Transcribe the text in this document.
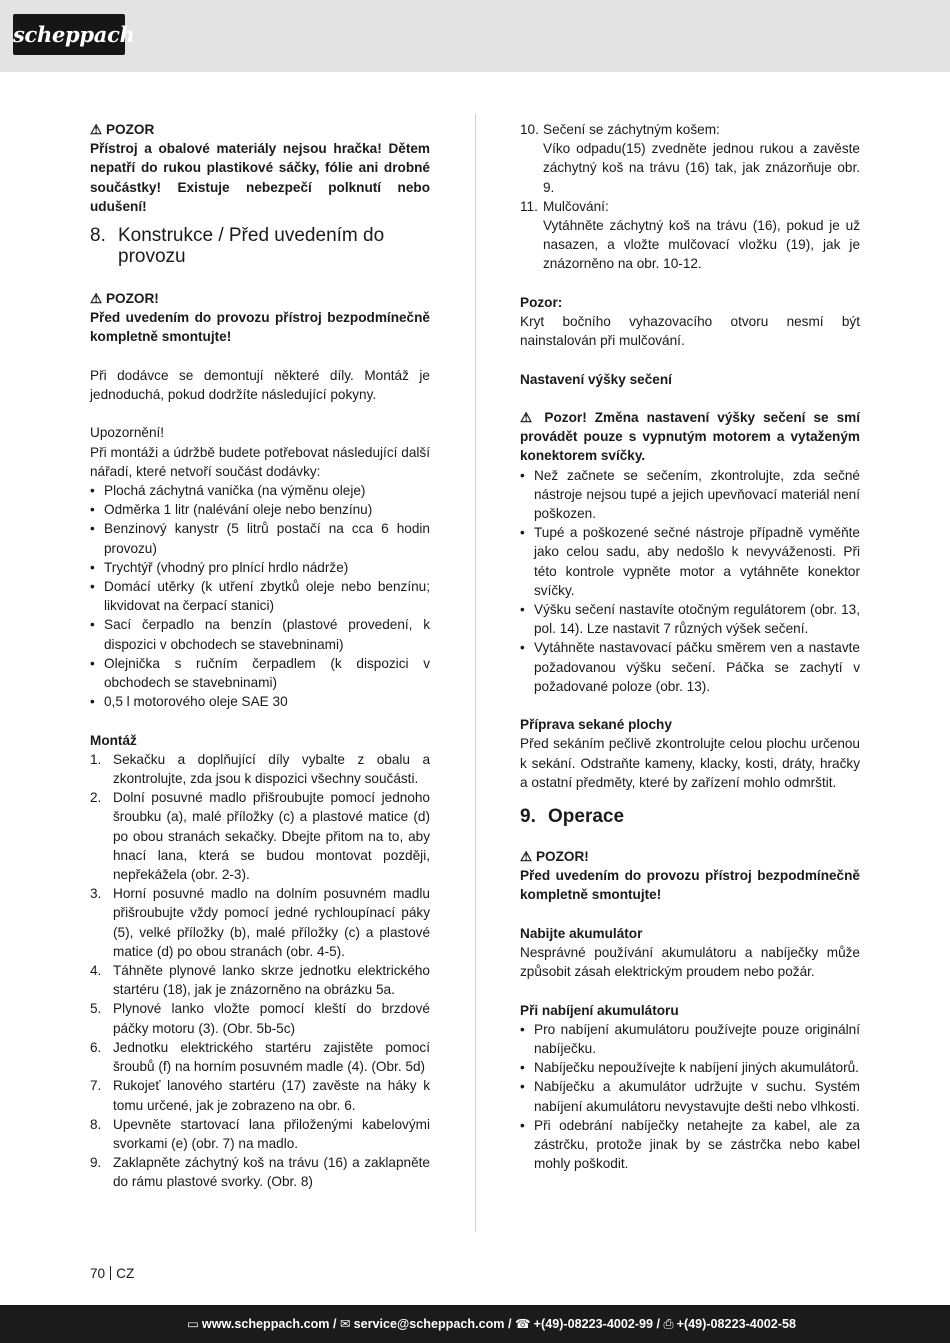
scheppach

⚠ POZOR

Přístroj a obalové materiály nejsou hračka! Dětem nepatří do rukou plastikové sáčky, fólie ani drobné součástky! Existuje nebezpečí polknutí nebo udušení!

8. Konstrukce / Před uvedením do provozu

⚠ POZOR!

Před uvedením do provozu přístroj bezpodmínečně kompletně smontujte!

Při dodávce se demontují některé díly. Montáž je jednoduchá, pokud dodržíte následující pokyny.

Upozornění!

Při montáži a údržbě budete potřebovat následující další nářadí, které netvoří součást dodávky:

• Plochá záchytná vanička (na výměnu oleje)
• Odměrka 1 litr (nalévání oleje nebo benzínu)
• Benzinový kanystr (5 litrů postačí na cca 6 hodin provozu)
• Trychtýř (vhodný pro plnící hrdlo nádrže)
• Domácí utěrky (k utření zbytků oleje nebo benzínu; likvidovat na čerpací stanici)
• Sací čerpadlo na benzín (plastové provedení, k dispozici v obchodech se stavebninami)
• Olejnička s ručním čerpadlem (k dispozici v obchodech se stavebninami)
• 0,5 l motorového oleje SAE 30

Montáž

1. Sekačku a doplňující díly vybalte z obalu a zkontrolujte, zda jsou k dispozici všechny součásti.
2. Dolní posuvné madlo přišroubujte pomocí jednoho šroubku (a), malé příložky (c) a plastové matice (d) po obou stranách sekačky. Dbejte přitom na to, aby hnací lana, která se budou montovat později, nepřekážela (obr. 2-3).
3. Horní posuvné madlo na dolním posuvném madlu přišroubujte vždy pomocí jedné rychloupínací páky (5), velké příložky (b), malé příložky (c) a plastové matice (d) po obou stranách (obr. 4-5).
4. Táhněte plynové lanko skrze jednotku elektrického startéru (18), jak je znázorněno na obrázku 5a.
5. Plynové lanko vložte pomocí kleští do brzdové páčky motoru (3). (Obr. 5b-5c)
6. Jednotku elektrického startéru zajistěte pomocí šroubů (f) na horním posuvném madle (4). (Obr. 5d)
7. Rukojeť lanového startéru (17) zavěste na háky k tomu určené, jak je zobrazeno na obr. 6.
8. Upevněte startovací lana přiloženými kabelovými svorkami (e) (obr. 7) na madlo.
9. Zaklapněte záchytný koš na trávu (16) a zaklapněte do rámu plastové svorky. (Obr. 8)
10. Sečení se záchytným košem:
Víko odpadu(15) zvedněte jednou rukou a zavěste záchytný koš na trávu (16) tak, jak znázorňuje obr. 9.
11. Mulčování:
Vytáhněte záchytný koš na trávu (16), pokud je už nasazen, a vložte mulčovací vložku (19), jak je znázorněno na obr. 10-12.

Pozor:

Kryt bočního vyhazovacího otvoru nesmí být nainstalován při mulčování.

Nastavení výšky sečení

⚠ Pozor! Změna nastavení výšky sečení se smí provádět pouze s vypnutým motorem a vytaženým konektorem svíčky.

• Než začnete se sečením, zkontrolujte, zda sečné nástroje nejsou tupé a jejich upevňovací materiál není poškozen.
• Tupé a poškozené sečné nástroje případně vyměňte jako celou sadu, aby nedošlo k nevyváženosti. Při této kontrole vypněte motor a vytáhněte konektor svíčky.
• Výšku sečení nastavíte otočným regulátorem (obr. 13, pol. 14). Lze nastavit 7 různých výšek sečení.
• Vytáhněte nastavovací páčku směrem ven a nastavte požadovanou výšku sečení. Páčka se zachytí v požadované poloze (obr. 13).

Příprava sekané plochy

Před sekáním pečlivě zkontrolujte celou plochu určenou k sekání. Odstraňte kameny, klacky, kosti, dráty, hračky a ostatní předměty, které by zařízení mohlo odmrštit.

9. Operace

⚠ POZOR!

Před uvedením do provozu přístroj bezpodmínečně kompletně smontujte!

Nabijte akumulátor

Nesprávné používání akumulátoru a nabíječky může způsobit zásah elektrickým proudem nebo požár.

Při nabíjení akumulátoru

• Pro nabíjení akumulátoru používejte pouze originální nabíječku.
• Nabíječku nepoužívejte k nabíjení jiných akumulátorů.
• Nabíječku a akumulátor udržujte v suchu. Systém nabíjení akumulátoru nevystavujte dešti nebo vlhkosti.
• Při odebrání nabíječky netahejte za kabel, ale za zástrčku, protože jinak by se zástrčka nebo kabel mohly poškodit.
70 CZ
▭ www.scheppach.com / ✉ service@scheppach.com / ☎ +(49)-08223-4002-99 / ⎙ +(49)-08223-4002-58
